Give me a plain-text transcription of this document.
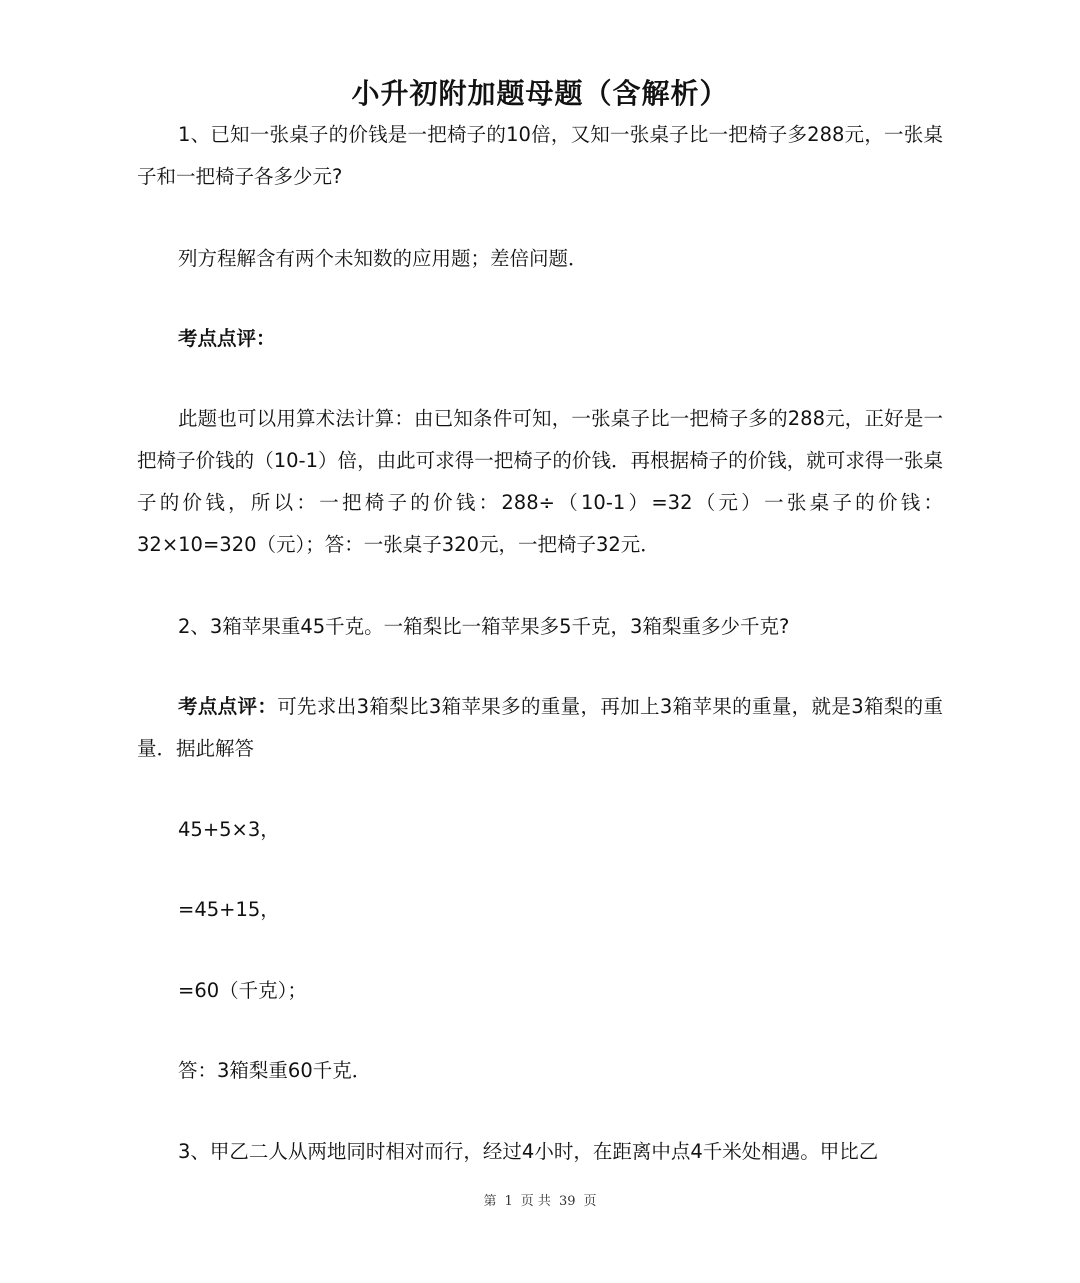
小升初附加题母题（含解析）
1、已知一张桌子的价钱是一把椅子的10倍，又知一张桌子比一把椅子多288元，一张桌子和一把椅子各多少元?
列方程解含有两个未知数的应用题；差倍问题．
考点点评：
此题也可以用算术法计算：由已知条件可知，一张桌子比一把椅子多的288元，正好是一把椅子价钱的（10-1）倍，由此可求得一把椅子的价钱．再根据椅子的价钱，就可求得一张桌子的价钱，所以：一把椅子的价钱：288÷（10-1）=32（元）一张桌子的价钱：32×10=320（元）；答：一张桌子320元，一把椅子32元．
2、3箱苹果重45千克。一箱梨比一箱苹果多5千克，3箱梨重多少千克?
考点点评：可先求出3箱梨比3箱苹果多的重量，再加上3箱苹果的重量，就是3箱梨的重量．据此解答
45+5×3，
=45+15，
=60（千克）；
答：3箱梨重60千克．
3、甲乙二人从两地同时相对而行，经过4小时，在距离中点4千米处相遇。甲比乙
第 1 页 共 39 页
